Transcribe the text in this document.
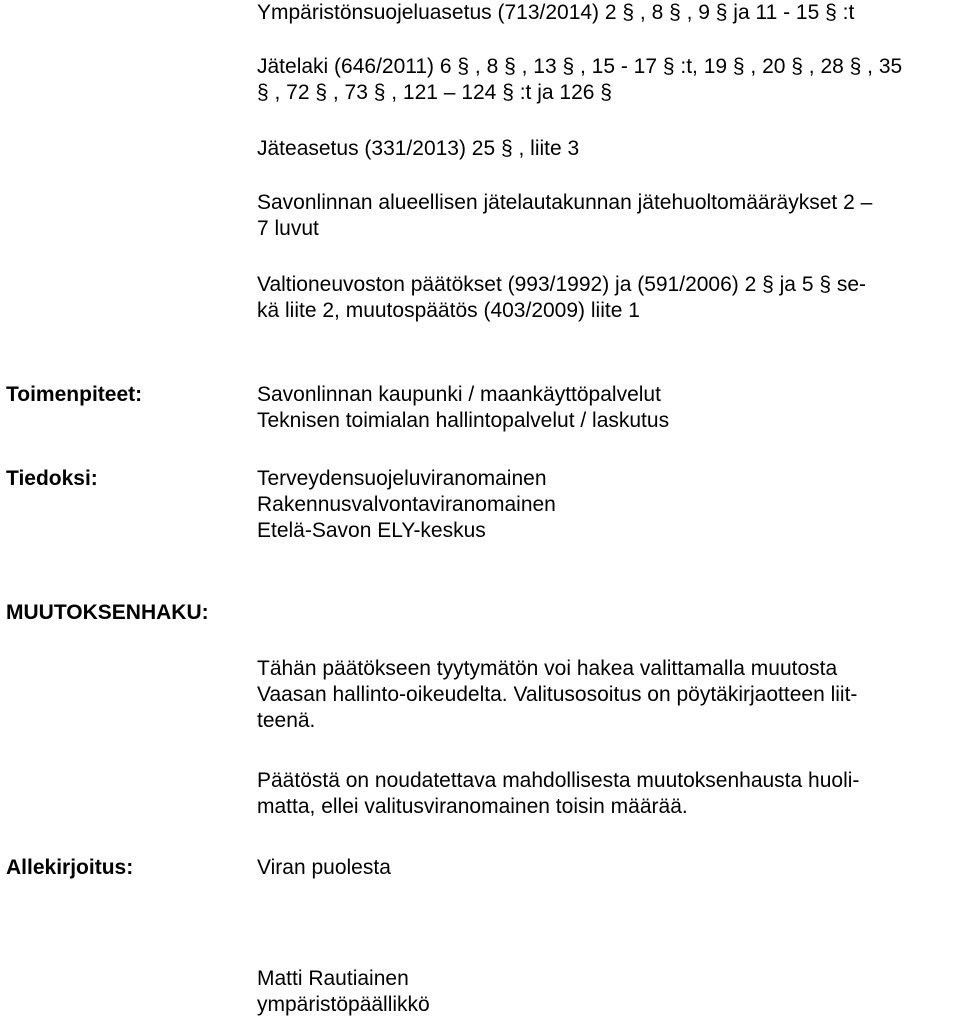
Ympäristönsuojeluasetus (713/2014) 2 § , 8 § , 9 § ja 11 - 15 § :t
Jätelaki (646/2011) 6 § , 8 § , 13 § , 15 - 17 § :t, 19 § , 20 § , 28 § , 35
§ , 72 § , 73 § , 121 – 124 § :t ja 126 §
Jäteasetus (331/2013) 25 § , liite 3
Savonlinnan alueellisen jätelautakunnan jätehuoltomääräykset 2 –
7 luvut
Valtioneuvoston päätökset (993/1992) ja (591/2006) 2 § ja 5 § se-
kä liite 2, muutospäätös (403/2009) liite 1
Toimenpiteet:	Savonlinnan kaupunki / maankäyttöpalvelut
Teknisen toimialan hallintopalvelut / laskutus
Tiedoksi:	Terveydensuojeluviranomainen
Rakennusvalvontaviranomainen
Etelä-Savon ELY-keskus
MUUTOKSENHAKU:
Tähän päätökseen tyytymätön voi hakea valittamalla muutosta
Vaasan hallinto-oikeudelta. Valitusosoitus on pöytäkirjaotteen liit-
teenä.
Päätöstä on noudatettava mahdollisesta muutoksenhausta huoli-
matta, ellei valitusviranomainen toisin määrää.
Allekirjoitus:	Viran puolesta
Matti Rautiainen
ympäristöpäällikkö
